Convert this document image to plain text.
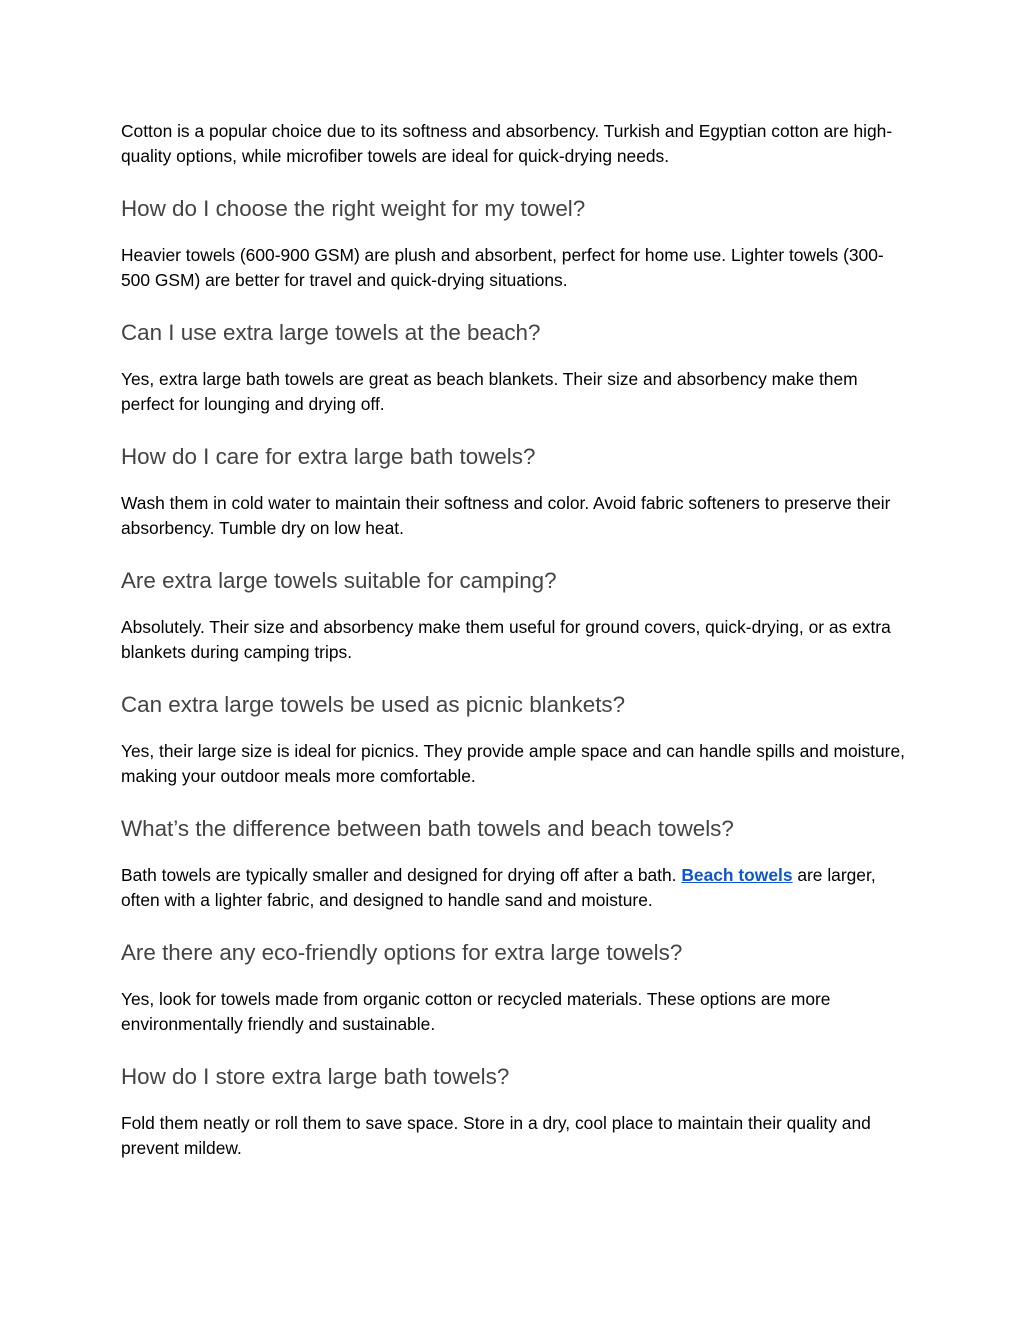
Cotton is a popular choice due to its softness and absorbency. Turkish and Egyptian cotton are high-quality options, while microfiber towels are ideal for quick-drying needs.

How do I choose the right weight for my towel?

Heavier towels (600-900 GSM) are plush and absorbent, perfect for home use. Lighter towels (300-500 GSM) are better for travel and quick-drying situations.

Can I use extra large towels at the beach?

Yes, extra large bath towels are great as beach blankets. Their size and absorbency make them perfect for lounging and drying off.

How do I care for extra large bath towels?

Wash them in cold water to maintain their softness and color. Avoid fabric softeners to preserve their absorbency. Tumble dry on low heat.

Are extra large towels suitable for camping?

Absolutely. Their size and absorbency make them useful for ground covers, quick-drying, or as extra blankets during camping trips.

Can extra large towels be used as picnic blankets?

Yes, their large size is ideal for picnics. They provide ample space and can handle spills and moisture, making your outdoor meals more comfortable.

What’s the difference between bath towels and beach towels?

Bath towels are typically smaller and designed for drying off after a bath. Beach towels are larger, often with a lighter fabric, and designed to handle sand and moisture.

Are there any eco-friendly options for extra large towels?

Yes, look for towels made from organic cotton or recycled materials. These options are more environmentally friendly and sustainable.

How do I store extra large bath towels?

Fold them neatly or roll them to save space. Store in a dry, cool place to maintain their quality and prevent mildew.
